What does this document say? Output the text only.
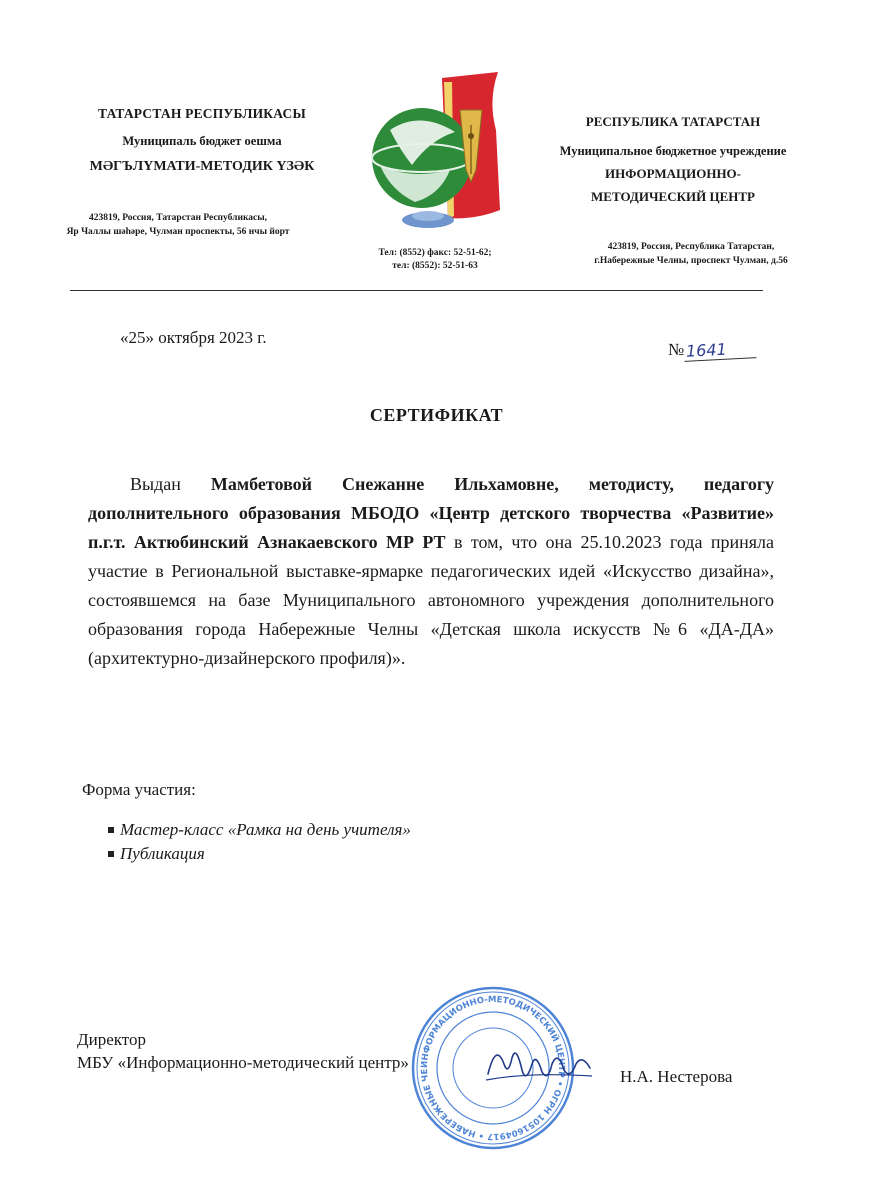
ТАТАРСТАН РЕСПУБЛИКАСЫ
Муниципаль бюджет оешма
МӘГЪЛҮМАТИ-МЕТОДИК ҮЗӘК
423819, Россия, Татарстан Республикасы,
Яр Чаллы шәһәре, Чулман проспекты, 56 нчы йорт
Тел: (8552) факс: 52-51-62;
тел: (8552): 52-51-63
РЕСПУБЛИКА ТАТАРСТАН
Муниципальное бюджетное учреждение
ИНФОРМАЦИОННО-
МЕТОДИЧЕСКИЙ ЦЕНТР
423819, Россия, Республика Татарстан,
г.Набережные Челны, проспект Чулман, д.56
«25» октября 2023 г.
№1641
СЕРТИФИКАТ
Выдан Мамбетовой Снежанне Ильхамовне, методисту, педагогу дополнительного образования МБОДО «Центр детского творчества «Развитие» п.г.т. Актюбинский Азнакаевского МР РТ в том, что она 25.10.2023 года приняла участие в Региональной выставке-ярмарке педагогических идей «Искусство дизайна», состоявшемся на базе Муниципального автономного учреждения дополнительного образования города Набережные Челны «Детская школа искусств №6 «ДА-ДА» (архитектурно-дизайнерского профиля)».
Форма участия:
Мастер-класс «Рамка на день учителя»
Публикация
Директор
МБУ «Информационно-методический центр»
Н.А. Нестерова
ИНФОРМАЦИОННО-МЕТОДИЧЕСКИЙ ЦЕНТР • ОГРН 1051604917 • НАБЕРЕЖНЫЕ ЧЕ
